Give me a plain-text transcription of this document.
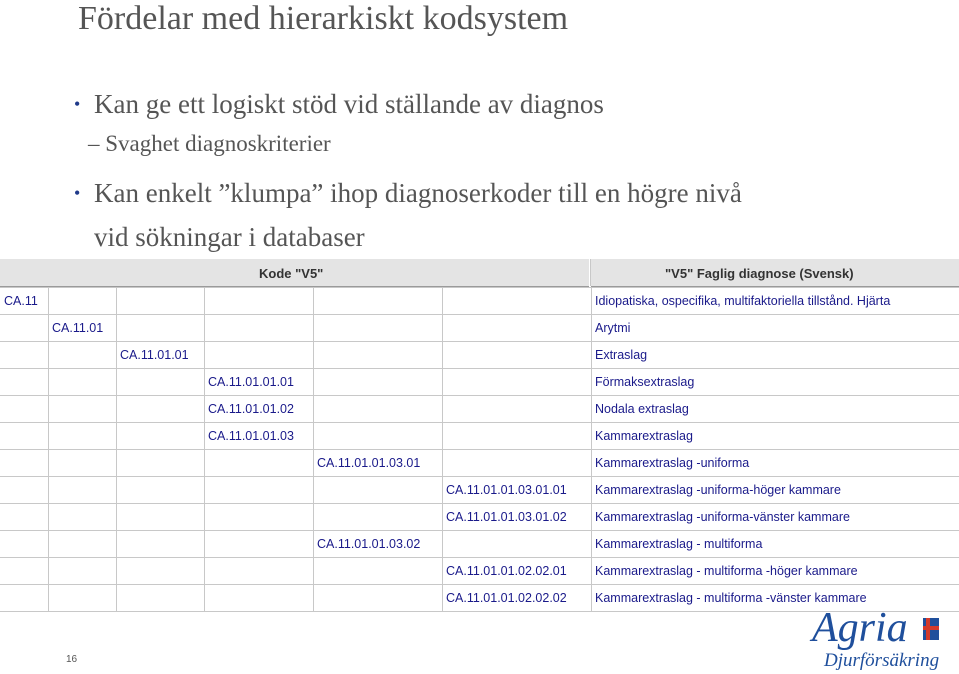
Fördelar med hierarkiskt kodsystem
• Kan ge ett logiskt stöd vid ställande av diagnos
– Svaghet diagnoskriterier
• Kan enkelt ”klumpa” ihop diagnoserkoder till en högre nivå
vid sökningar i databaser
Kode "V5"	"V5" Faglig diagnose (Svensk)
CA.11	Idiopatiska, ospecifika, multifaktoriella tillstånd. Hjärta
CA.11.01	Arytmi
CA.11.01.01	Extraslag
CA.11.01.01.01	Förmaksextraslag
CA.11.01.01.02	Nodala extraslag
CA.11.01.01.03	Kammarextraslag
CA.11.01.01.03.01	Kammarextraslag -uniforma
CA.11.01.01.03.01.01 Kammarextraslag -uniforma-höger kammare
CA.11.01.01.03.01.02 Kammarextraslag -uniforma-vänster kammare
CA.11.01.01.03.02	Kammarextraslag - multiforma
CA.11.01.01.02.02.01 Kammarextraslag - multiforma -höger kammare
CA.11.01.01.02.02.02 Kammarextraslag - multiforma -vänster kammare
16
Agria
Djurförsäkring
